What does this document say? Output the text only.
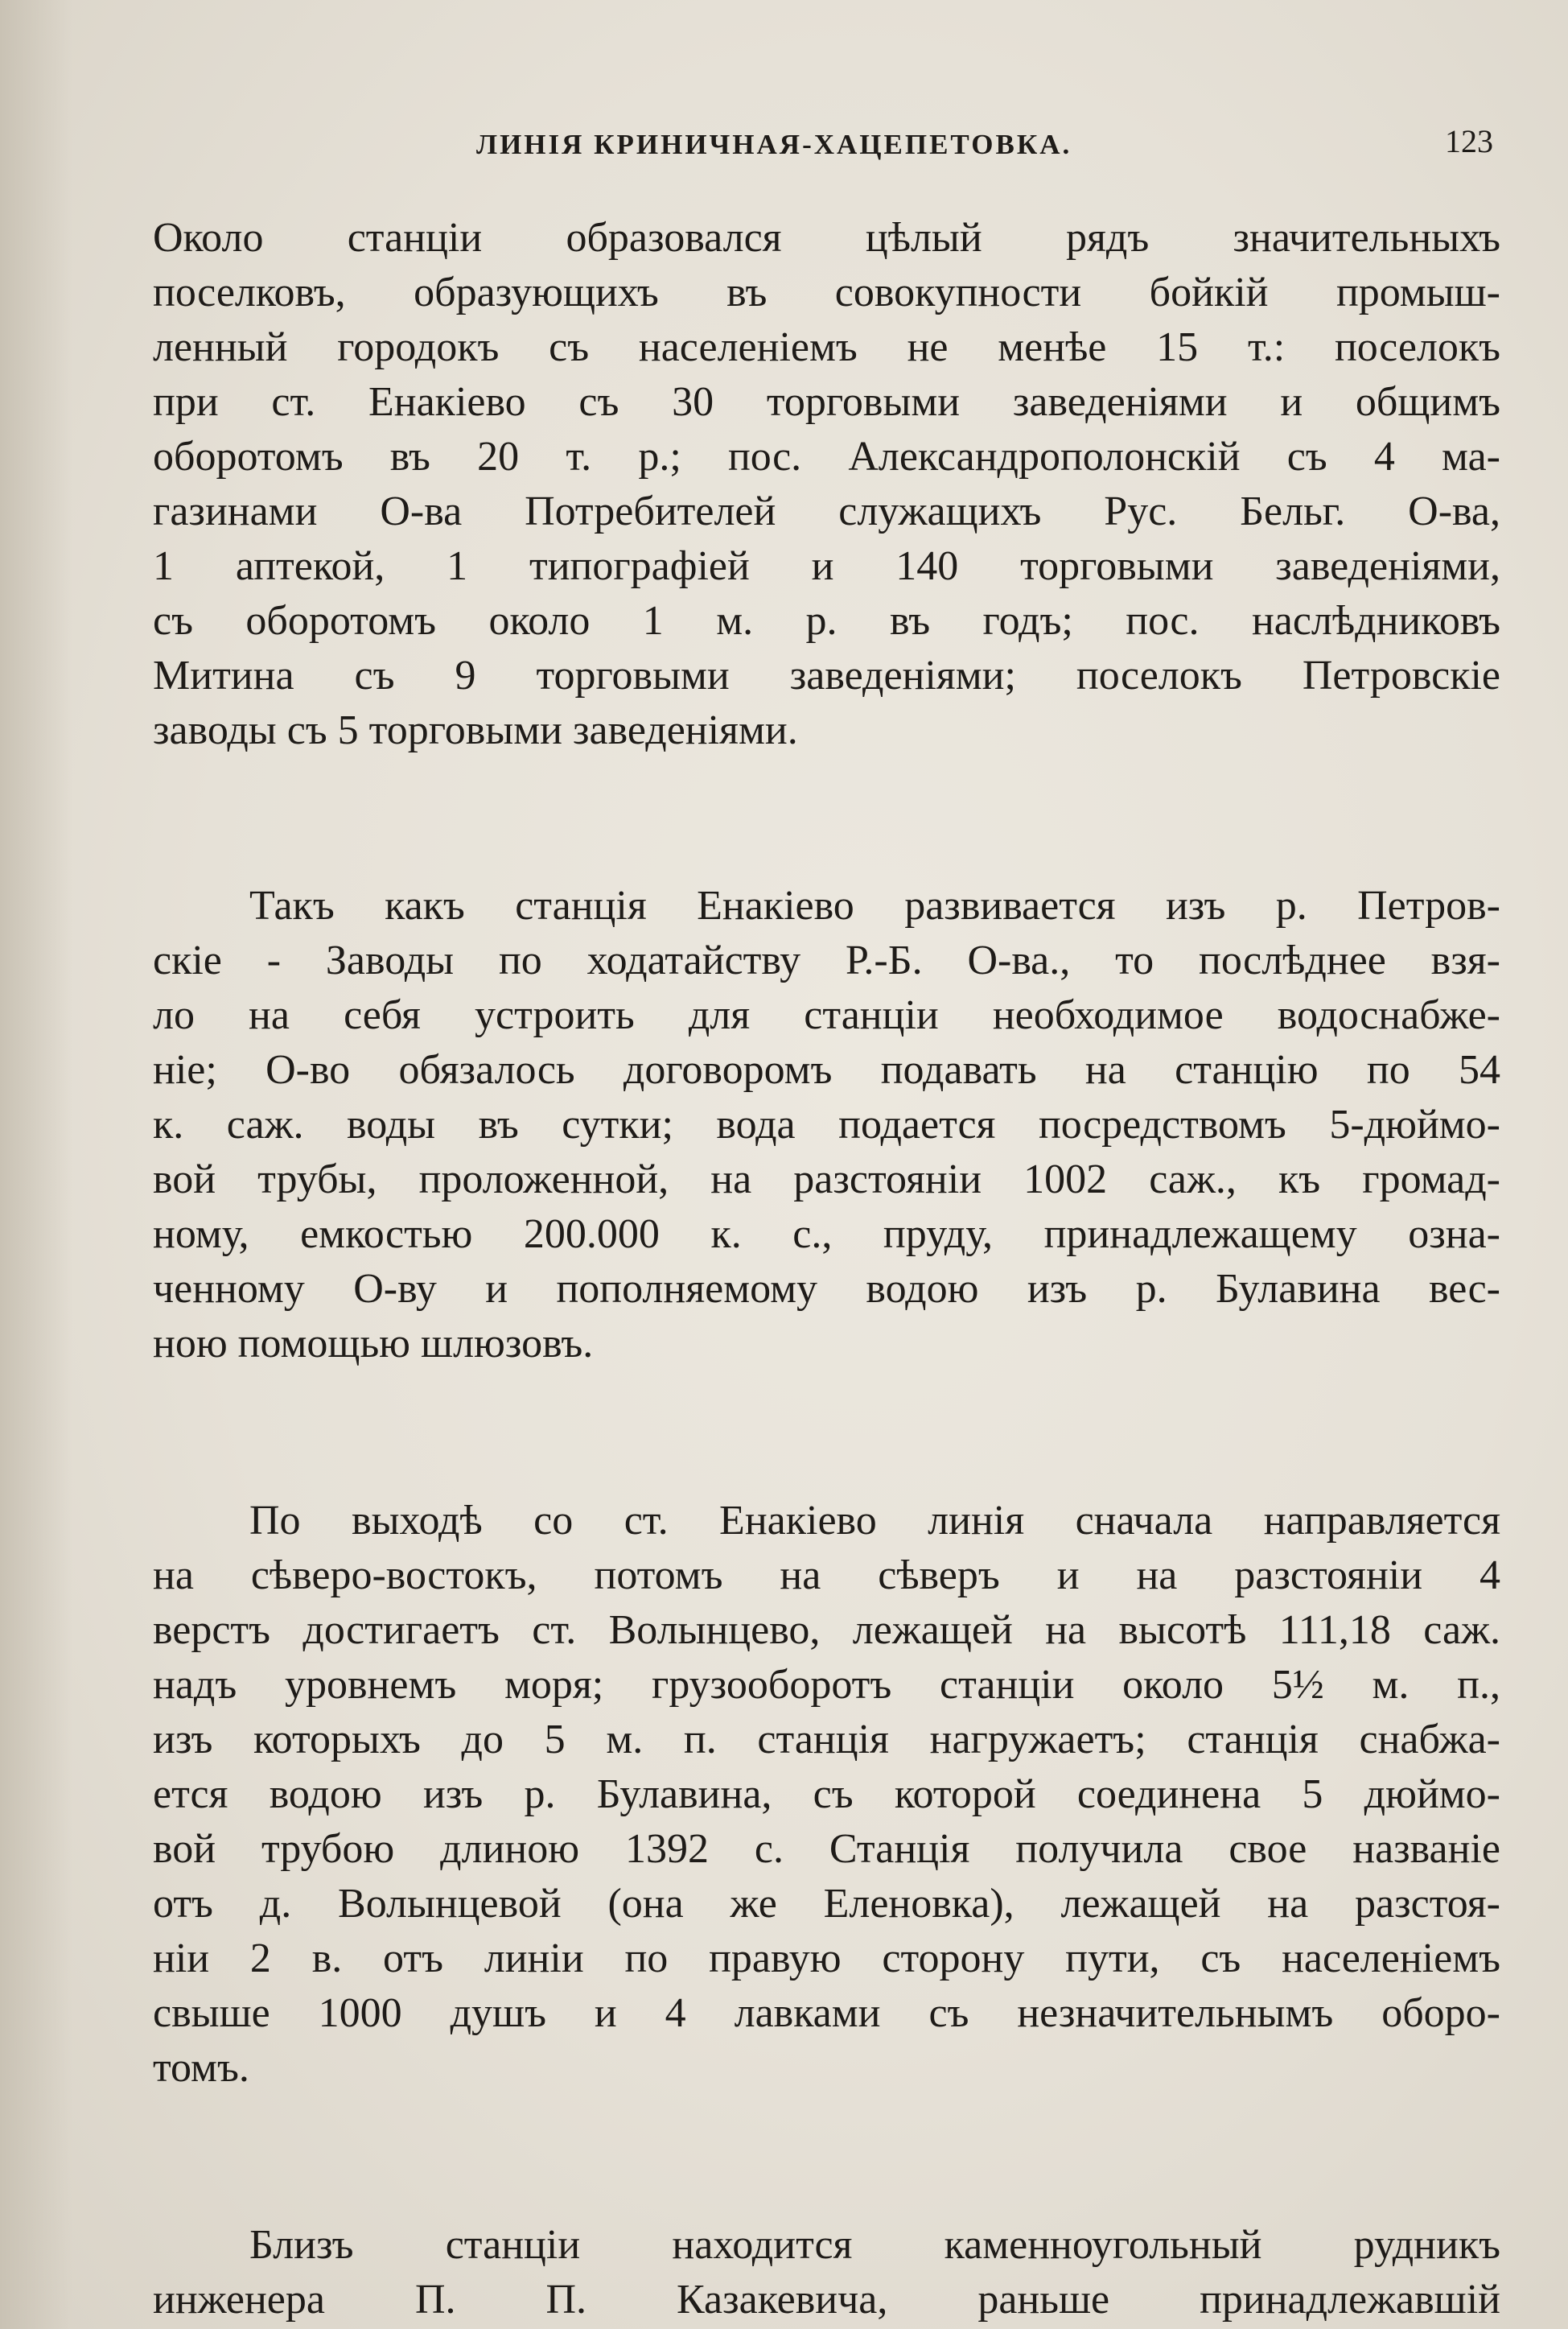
ЛИНІЯ КРИНИЧНАЯ-ХАЦЕПЕТОВКА.	123
Около станціи образовался цѣлый рядъ значительныхъ
поселковъ, образующихъ въ совокупности бойкій промыш-
ленный городокъ съ населеніемъ не менѣе 15 т.: поселокъ
при ст. Енакіево съ 30 торговыми заведеніями и общимъ
оборотомъ въ 20 т. р.; пос. Александрополонскій съ 4 ма-
газинами О-ва Потребителей служащихъ Рус. Бельг. О-ва,
1 аптекой, 1 типографіей и 140 торговыми заведеніями,
съ оборотомъ около 1 м. р. въ годъ; пос. наслѣдниковъ
Митина съ 9 торговыми заведеніями; поселокъ Петровскіе
заводы съ 5 торговыми заведеніями.
Такъ какъ станція Енакіево развивается изъ р. Петров-
скіе - Заводы по ходатайству Р.-Б. О-ва., то послѣднее взя-
ло на себя устроить для станціи необходимое водоснабже-
ніе; О-во обязалось договоромъ подавать на станцію по 54
к. саж. воды въ сутки; вода подается посредствомъ 5-дюймо-
вой трубы, проложенной, на разстояніи 1002 саж., къ громад-
ному, емкостью 200.000 к. с., пруду, принадлежащему озна-
ченному О-ву и пополняемому водою изъ р. Булавина вес-
ною помощью шлюзовъ.
По выходѣ со ст. Енакіево линія сначала направляется
на сѣверо-востокъ, потомъ на сѣверъ и на разстояніи 4
верстъ достигаетъ ст. Волынцево, лежащей на высотѣ 111,18 саж.
надъ уровнемъ моря; грузооборотъ станціи около 5½ м. п.,
изъ которыхъ до 5 м. п. станція нагружаетъ; станція снабжа-
ется водою изъ р. Булавина, съ которой соединена 5 дюймо-
вой трубою длиною 1392 с. Станція получила свое названіе
отъ д. Волынцевой (она же Еленовка), лежащей на разстоя-
ніи 2 в. отъ линіи по правую сторону пути, съ населеніемъ
свыше 1000 душъ и 4 лавками съ незначительнымъ оборо-
томъ.
Близъ станціи находится каменноугольный рудникъ
инженера П. П. Казакевича, раньше принадлежавшій
